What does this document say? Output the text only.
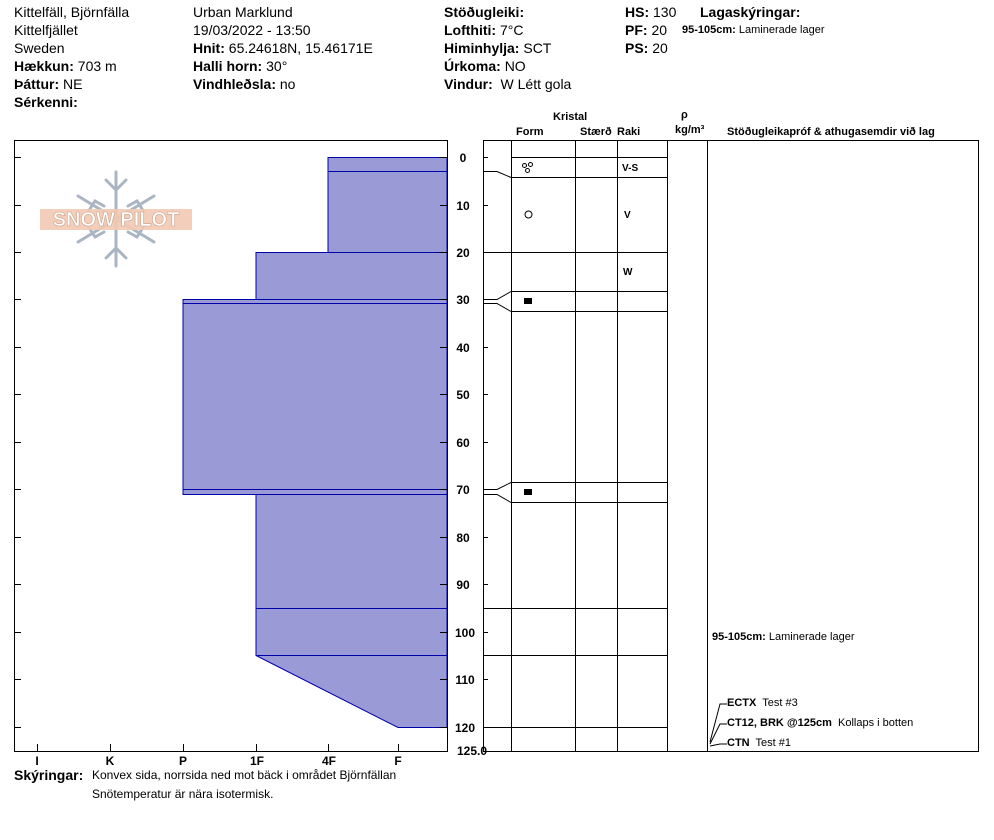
Kittelfäll, Björnfälla
Kittelfjället
Sweden
Hækkun: 703 m
Þáttur: NE
Sérkenni:
Urban Marklund
19/03/2022 - 13:50
Hnit: 65.24618N, 15.46171E
Halli horn: 30°
Vindhleðsla: no
Stöðugleiki:
Lofthiti: 7°C
Himinhylja: SCT
Úrkoma: NO
Vindur: W Létt gola
HS: 130
PF: 20
PS: 20
Lagaskýringar:
95-105cm: Laminerade lager
Kristal
Form	Stærð Raki
ρ
kg/m³ Stöðugleikapróf & athugasemdir við lag
SNOW PILOT
0
10
20
30
40
50
60
70
80
90
100
110
120
125.0
I	K	P	1F	4F	F
V-S
V
W
95-105cm: Laminerade lager
ECTX Test #3
CT12, BRK @125cm Kollaps i botten
CTN Test #1
Skýringar: Konvex sida, norrsida ned mot bäck i området Björnfällan
Snötemperatur är nära isotermisk.
